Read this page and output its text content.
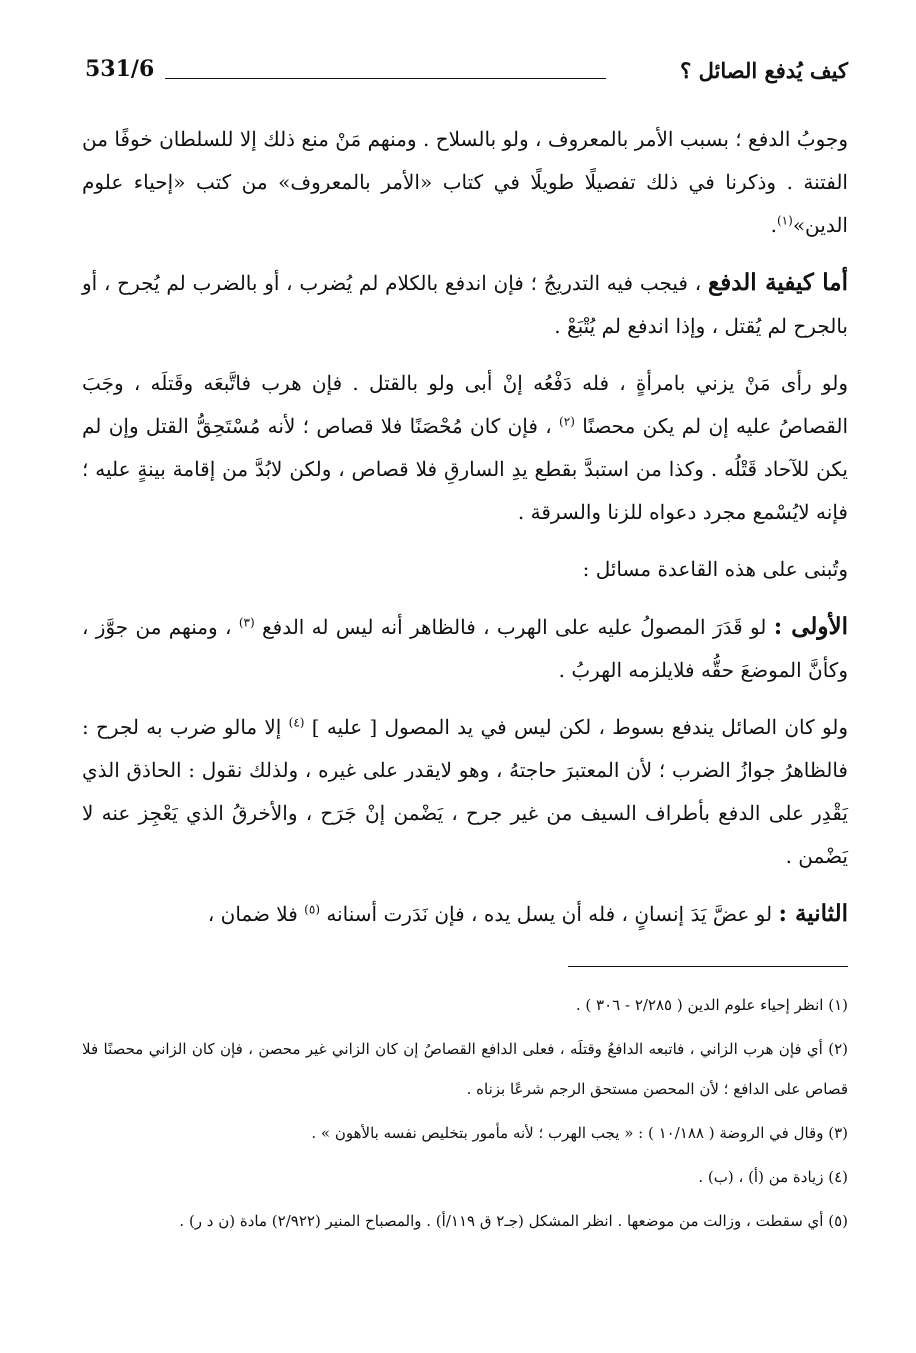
كيف يُدفع الصائل ؟
531/6

وجوبُ الدفع ؛ بسبب الأمر بالمعروف ، ولو بالسلاح . ومنهم مَنْ منع ذلك إلا للسلطان خوفًا من الفتنة . وذكرنا في ذلك تفصيلًا طويلًا في كتاب «الأمر بالمعروف» من كتب «إحياء علوم الدين»$^{(١)}$.

أما كيفية الدفع ، فيجب فيه التدريجُ ؛ فإن اندفع بالكلام لم يُضرب ، أو بالضرب لم يُجرح ، أو بالجرح لم يُقتل ، وإذا اندفع لم يُتْبَعْ .

ولو رأى مَنْ يزني بامرأةٍ ، فله دَفْعُه إنْ أبى ولو بالقتل . فإن هرب فاتَّبعَه وقَتلَه ، وجَبَ القصاصُ عليه إن لم يكن محصنًا $^{(٢)}$ ، فإن كان مُحْصَنًا فلا قصاص ؛ لأنه مُسْتَحِقُّ القتل وإن لم يكن للآحاد قَتْلُه . وكذا من استبدَّ بقطع يدِ السارقِ فلا قصاص ، ولكن لابُدَّ من إقامة بينةٍ عليه ؛ فإنه لايُسْمع مجرد دعواه للزنا والسرقة .

وتُبنى على هذه القاعدة مسائل :

الأولى : لو قَدَرَ المصولُ عليه على الهرب ، فالظاهر أنه ليس له الدفع $^{(٣)}$ ، ومنهم من جوَّز ، وكأنَّ الموضعَ حقُّه فلايلزمه الهربُ .

ولو كان الصائل يندفع بسوط ، لكن ليس في يد المصول [ عليه ] $^{(٤)}$ إلا مالو ضرب به لجرح : فالظاهرُ جوازُ الضرب ؛ لأن المعتبرَ حاجتهُ ، وهو لايقدر على غيره ، ولذلك نقول : الحاذق الذي يَقْدِر على الدفع بأطراف السيف من غير جرح ، يَضْمن إنْ جَرَح ، والأخرقُ الذي يَعْجِز عنه لا يَضْمن .

الثانية : لو عضَّ يَدَ إنسانٍ ، فله أن يسل يده ، فإن نَدَرت أسنانه $^{(٥)}$ فلا ضمان ،

(١) انظر إحياء علوم الدين ( ٢/٢٨٥ - ٣٠٦ ) .

(٢) أي فإن هرب الزاني ، فاتبعه الدافعُ وقتلَه ، فعلى الدافع القصاصُ إن كان الزاني غير محصن ، فإن كان الزاني محصنًا فلا قصاص على الدافع ؛ لأن المحصن مستحق الرجم شرعًا بزناه .

(٣) وقال في الروضة ( ١٠/١٨٨ ) : « يجب الهرب ؛ لأنه مأمور بتخليص نفسه بالأهون » .

(٤) زيادة من (أ) ، (ب) .

(٥) أي سقطت ، وزالت من موضعها . انظر المشكل (جـ٢ ق ١١٩/أ) . والمصباح المنير (٢/٩٢٢) مادة (ن د ر) .
